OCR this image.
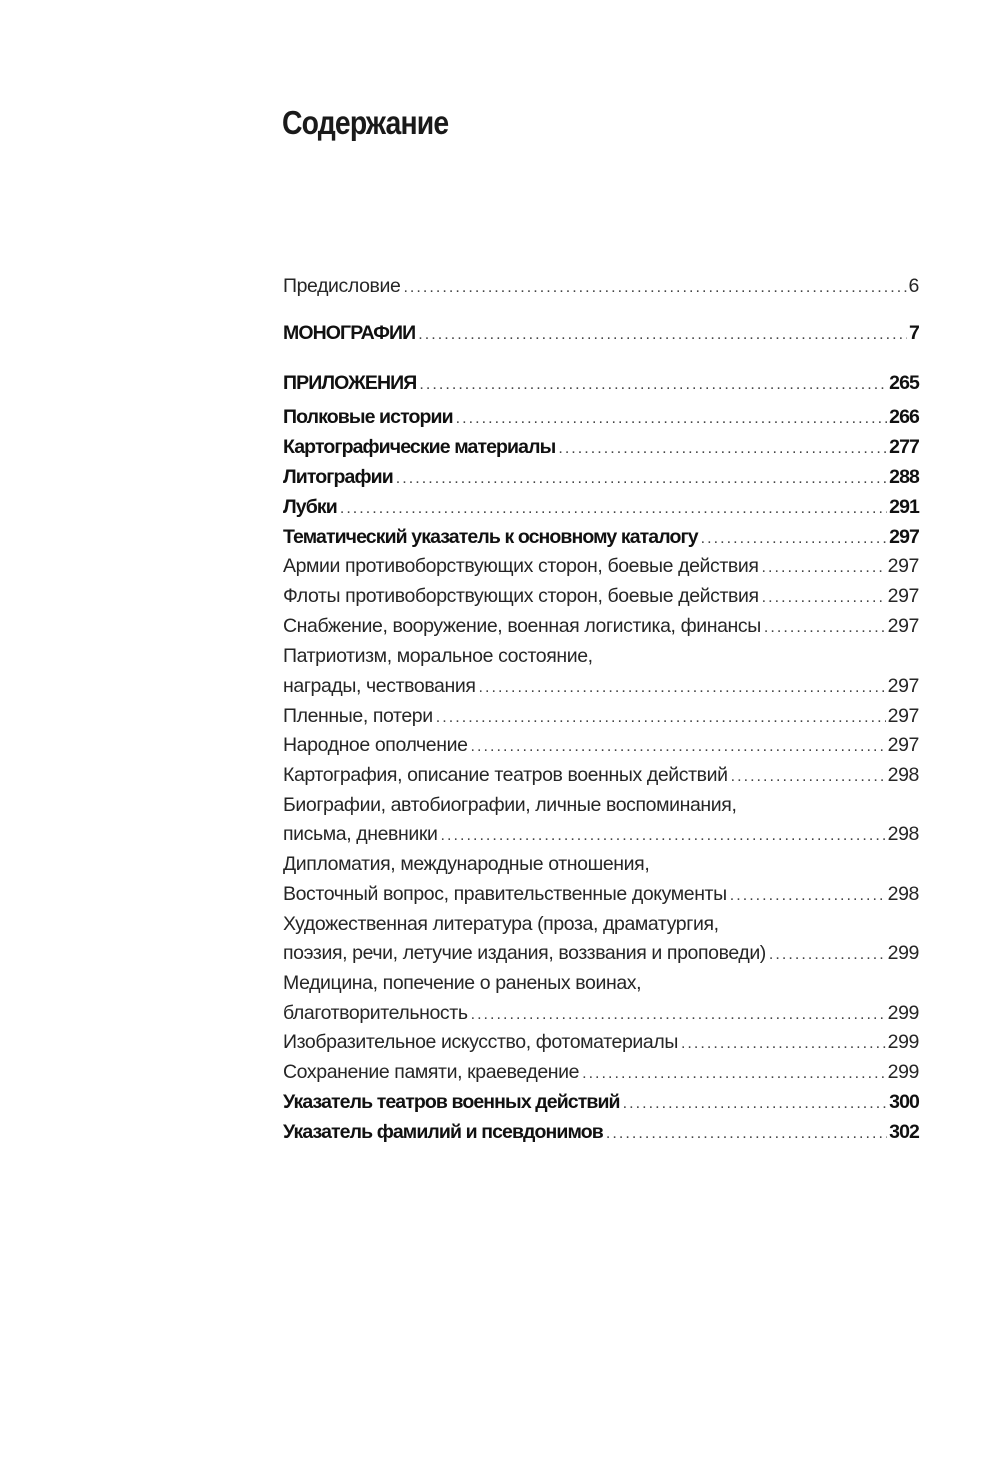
Содержание
Предисловие . . .	6
МОНОГРАФИИ . . .	7
ПРИЛОЖЕНИЯ . . .	265
Полковые истории . . .	266
Картографические материалы . . .	277
Литографии . . .	288
Лубки . . .	291
Тематический указатель к основному каталогу . . .	297
Армии противоборствующих сторон, боевые действия . . .	297
Флоты противоборствующих сторон, боевые действия . . .	297
Снабжение, вооружение, военная логистика, финансы . . .	297
Патриотизм, моральное состояние,
награды, чествования . . .	297
Пленные, потери . . .	297
Народное ополчение . . .	297
Картография, описание театров военных действий . . .	298
Биографии, автобиографии, личные воспоминания,
письма, дневники . . .	298
Дипломатия, международные отношения,
Восточный вопрос, правительственные документы . . .	298
Художественная литература (проза, драматургия,
поэзия, речи, летучие издания, воззвания и проповеди) . . .	299
Медицина, попечение о раненых воинах,
благотворительность . . .	299
Изобразительное искусство, фотоматериалы . . .	299
Сохранение памяти, краеведение . . .	299
Указатель театров военных действий . . .	300
Указатель фамилий и псевдонимов . . .	302
